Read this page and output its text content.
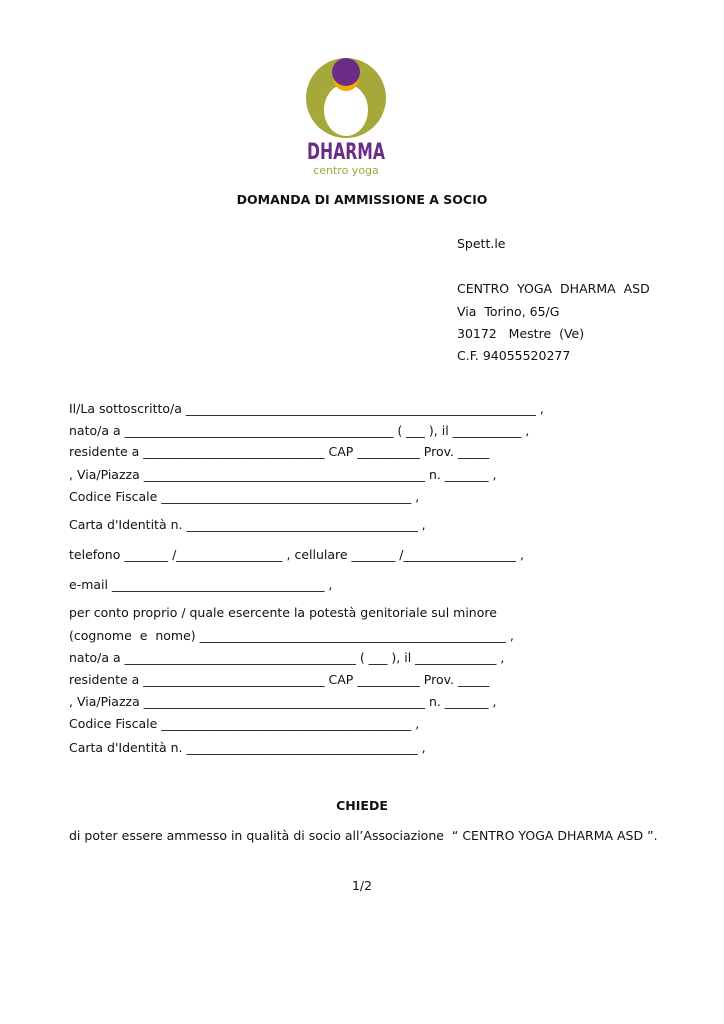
DHARMA
centro yoga
DOMANDA DI AMMISSIONE A SOCIO
Spett.le
CENTRO  YOGA  DHARMA  ASD
Via  Torino, 65/G
30172   Mestre  (Ve)
C.F. 94055520277
Il/La sottoscritto/a ________________________________________________________ ,
nato/a a ___________________________________________ ( ___ ), il ___________ ,
residente a _____________________________ CAP __________ Prov. _____
, Via/Piazza _____________________________________________ n. _______ ,
Codice Fiscale ________________________________________ ,
Carta d'Identità n. _____________________________________ ,
telefono _______ /_________________ , cellulare _______ /__________________ ,
e-mail __________________________________ ,
per conto proprio / quale esercente la potestà genitoriale sul minore
(cognome  e  nome) _________________________________________________ ,
nato/a a _____________________________________ ( ___ ), il _____________ ,
residente a _____________________________ CAP __________ Prov. _____
, Via/Piazza _____________________________________________ n. _______ ,
Codice Fiscale ________________________________________ ,
Carta d'Identità n. _____________________________________ ,
CHIEDE
di poter essere ammesso in qualità di socio all’Associazione  “ CENTRO YOGA DHARMA ASD ”.
1/2
